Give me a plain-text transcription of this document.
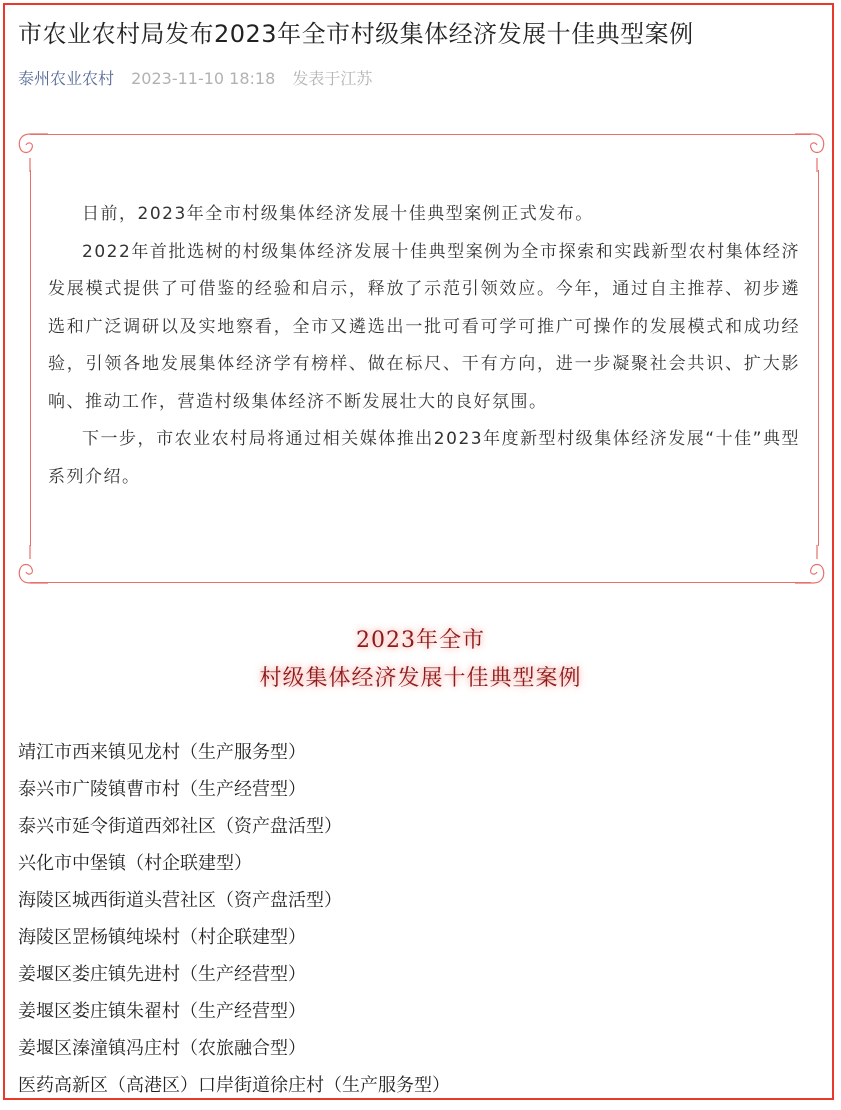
市农业农村局发布2023年全市村级集体经济发展十佳典型案例
泰州农业农村 2023-11-10 18:18 发表于江苏

日前，2023年全市村级集体经济发展十佳典型案例正式发布。

2022年首批选树的村级集体经济发展十佳典型案例为全市探索和实践新型农村集体经济发展模式提供了可借鉴的经验和启示，释放了示范引领效应。今年，通过自主推荐、初步遴选和广泛调研以及实地察看，全市又遴选出一批可看可学可推广可操作的发展模式和成功经验，引领各地发展集体经济学有榜样、做在标尺、干有方向，进一步凝聚社会共识、扩大影响、推动工作，营造村级集体经济不断发展壮大的良好氛围。

下一步，市农业农村局将通过相关媒体推出2023年度新型村级集体经济发展“十佳”典型系列介绍。

2023年全市
村级集体经济发展十佳典型案例
靖江市西来镇见龙村（生产服务型）
泰兴市广陵镇曹市村（生产经营型）
泰兴市延令街道西郊社区（资产盘活型）
兴化市中堡镇（村企联建型）
海陵区城西街道头营社区（资产盘活型）
海陵区罡杨镇纯垛村（村企联建型）
姜堰区娄庄镇先进村（生产经营型）
姜堰区娄庄镇朱翟村（生产经营型）
姜堰区溱潼镇冯庄村（农旅融合型）
医药高新区（高港区）口岸街道徐庄村（生产服务型）
